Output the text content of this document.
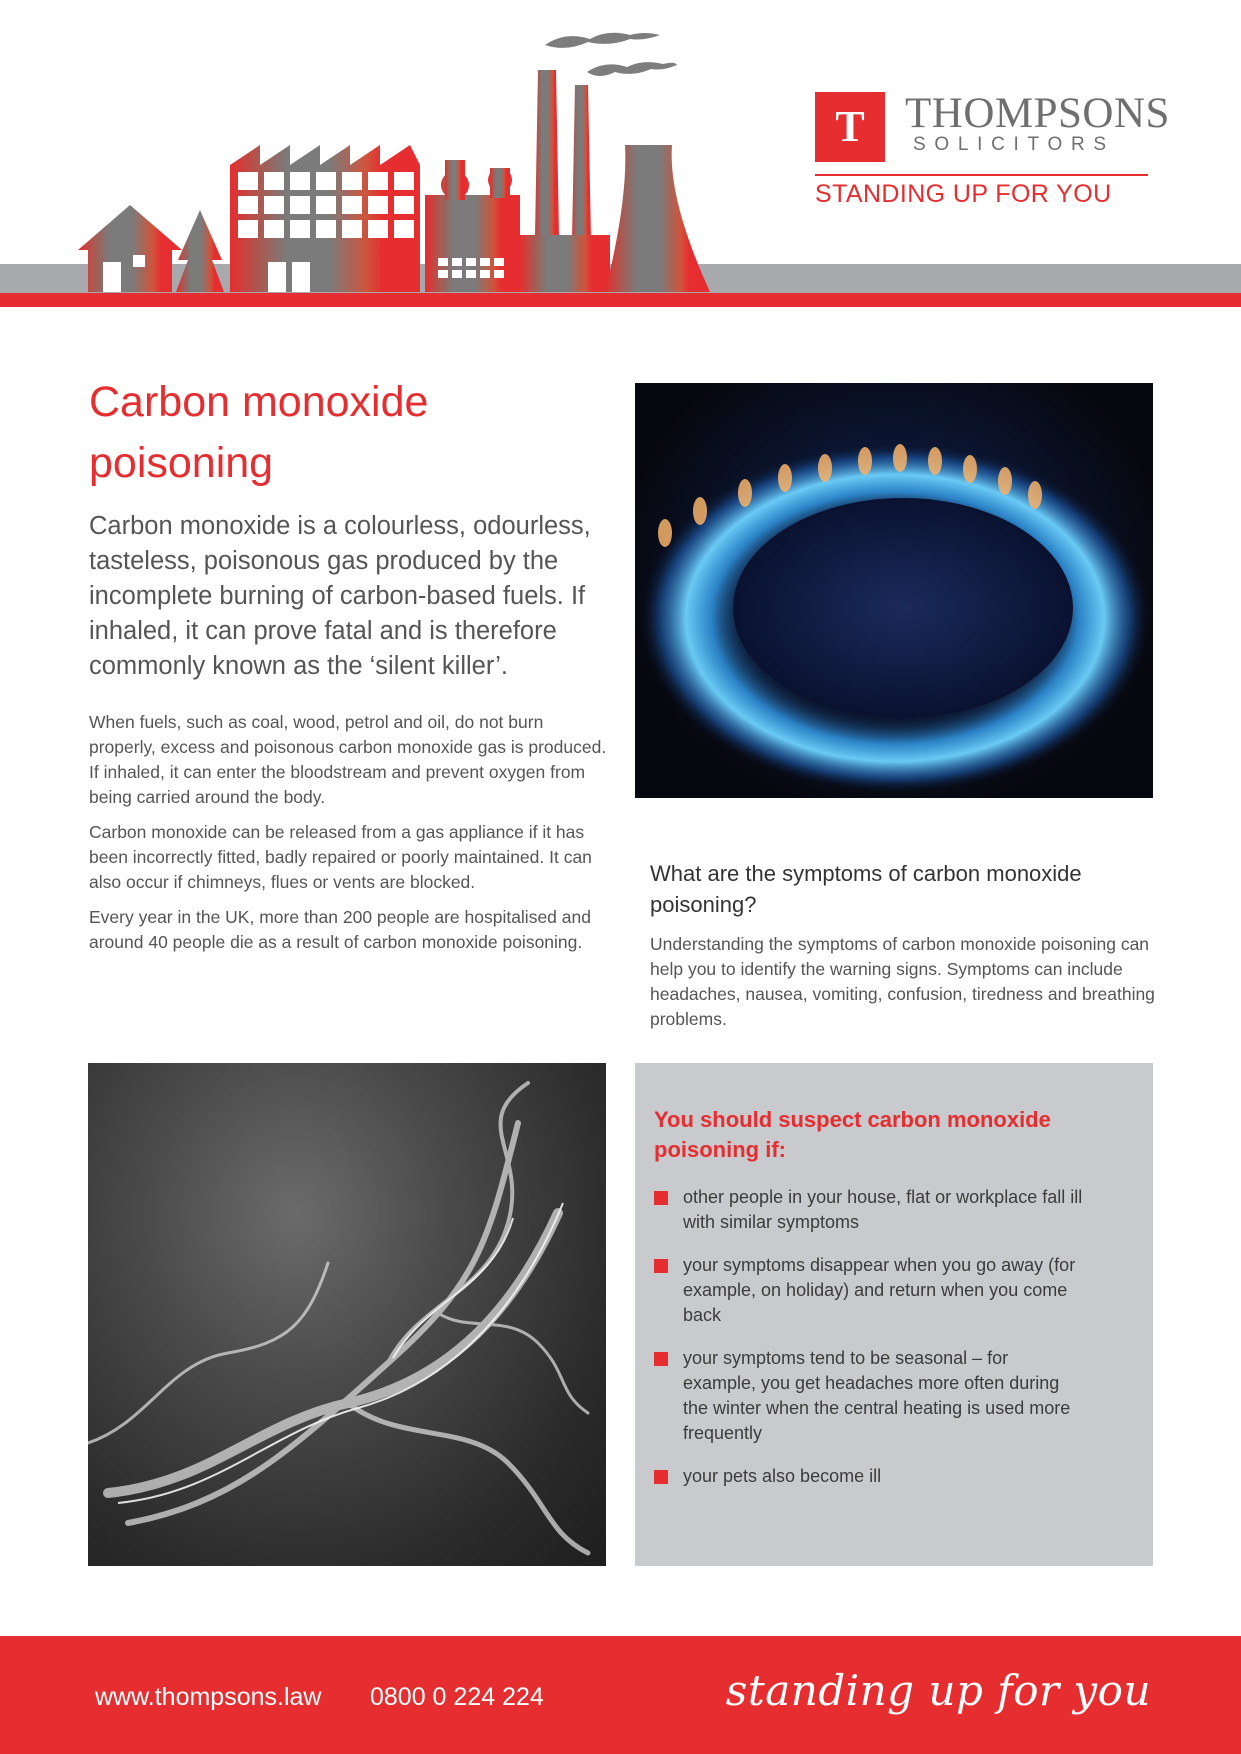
T THOMPSONS
SOLICITORS
STANDING UP FOR YOU
Carbon monoxide poisoning

Carbon monoxide is a colourless, odourless, tasteless, poisonous gas produced by the incomplete burning of carbon-based fuels. If inhaled, it can prove fatal and is therefore commonly known as the ‘silent killer’.

When fuels, such as coal, wood, petrol and oil, do not burn properly, excess and poisonous carbon monoxide gas is produced. If inhaled, it can enter the bloodstream and prevent oxygen from being carried around the body.

Carbon monoxide can be released from a gas appliance if it has been incorrectly fitted, badly repaired or poorly maintained. It can also occur if chimneys, flues or vents are blocked.

Every year in the UK, more than 200 people are hospitalised and around 40 people die as a result of carbon monoxide poisoning.

What are the symptoms of carbon monoxide poisoning?

Understanding the symptoms of carbon monoxide poisoning can help you to identify the warning signs. Symptoms can include headaches, nausea, vomiting, confusion, tiredness and breathing problems.

You should suspect carbon monoxide poisoning if:
other people in your house, flat or workplace fall ill with similar symptoms
your symptoms disappear when you go away (for example, on holiday) and return when you come back
your symptoms tend to be seasonal – for example, you get headaches more often during the winter when the central heating is used more frequently
your pets also become ill
www.thompsons.law 0800 0 224 224	standing up for you
